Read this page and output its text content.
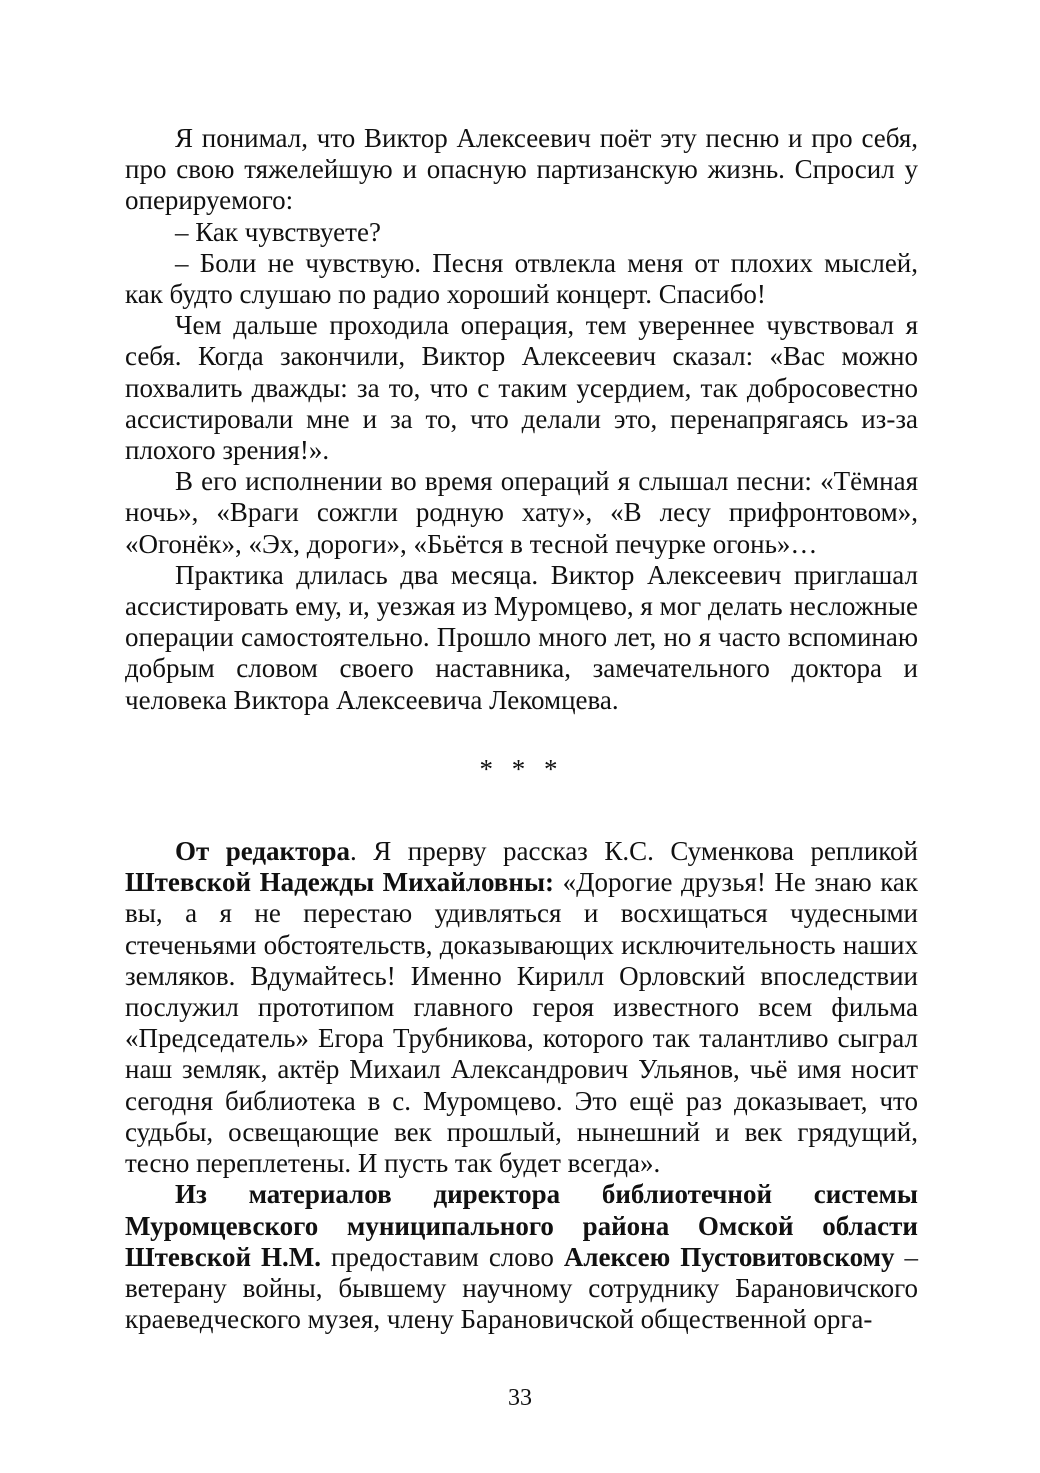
Я понимал, что Виктор Алексеевич поёт эту песню и про себя, про свою тяжелейшую и опасную партизанскую жизнь. Спросил у оперируемого:

– Как чувствуете?

– Боли не чувствую. Песня отвлекла меня от плохих мыслей, как будто слушаю по радио хороший концерт. Спасибо!

Чем дальше проходила операция, тем увереннее чувствовал я себя. Когда закончили, Виктор Алексеевич сказал: «Вас можно похвалить дважды: за то, что с таким усердием, так добросовестно ассистировали мне и за то, что делали это, перенапрягаясь из-за плохого зрения!».

В его исполнении во время операций я слышал песни: «Тёмная ночь», «Враги сожгли родную хату», «В лесу прифронтовом», «Огонёк», «Эх, дороги», «Бьётся в тесной печурке огонь»…

Практика длилась два месяца. Виктор Алексеевич приглашал ассистировать ему, и, уезжая из Муромцево, я мог делать несложные операции самостоятельно. Прошло много лет, но я часто вспоминаю добрым словом своего наставника, замечательного доктора и человека Виктора Алексеевича Лекомцева.

* * *

От редактора. Я прерву рассказ К.С. Суменкова репликой Штевской Надежды Михайловны: «Дорогие друзья! Не знаю как вы, а я не перестаю удивляться и восхищаться чудесными стеченьями обстоятельств, доказывающих исключительность наших земляков. Вдумайтесь! Именно Кирилл Орловский впоследствии послужил прототипом главного героя известного всем фильма «Председатель» Егора Трубникова, которого так талантливо сыграл наш земляк, актёр Михаил Александрович Ульянов, чьё имя носит сегодня библиотека в с. Муромцево. Это ещё раз доказывает, что судьбы, освещающие век прошлый, нынешний и век грядущий, тесно переплетены. И пусть так будет всегда».

Из материалов директора библиотечной системы Муромцевского муниципального района Омской области Штевской Н.М. предоставим слово Алексею Пустовитовскому – ветерану войны, бывшему научному сотруднику Барановичского краеведческого музея, члену Барановичской общественной орга-

33
